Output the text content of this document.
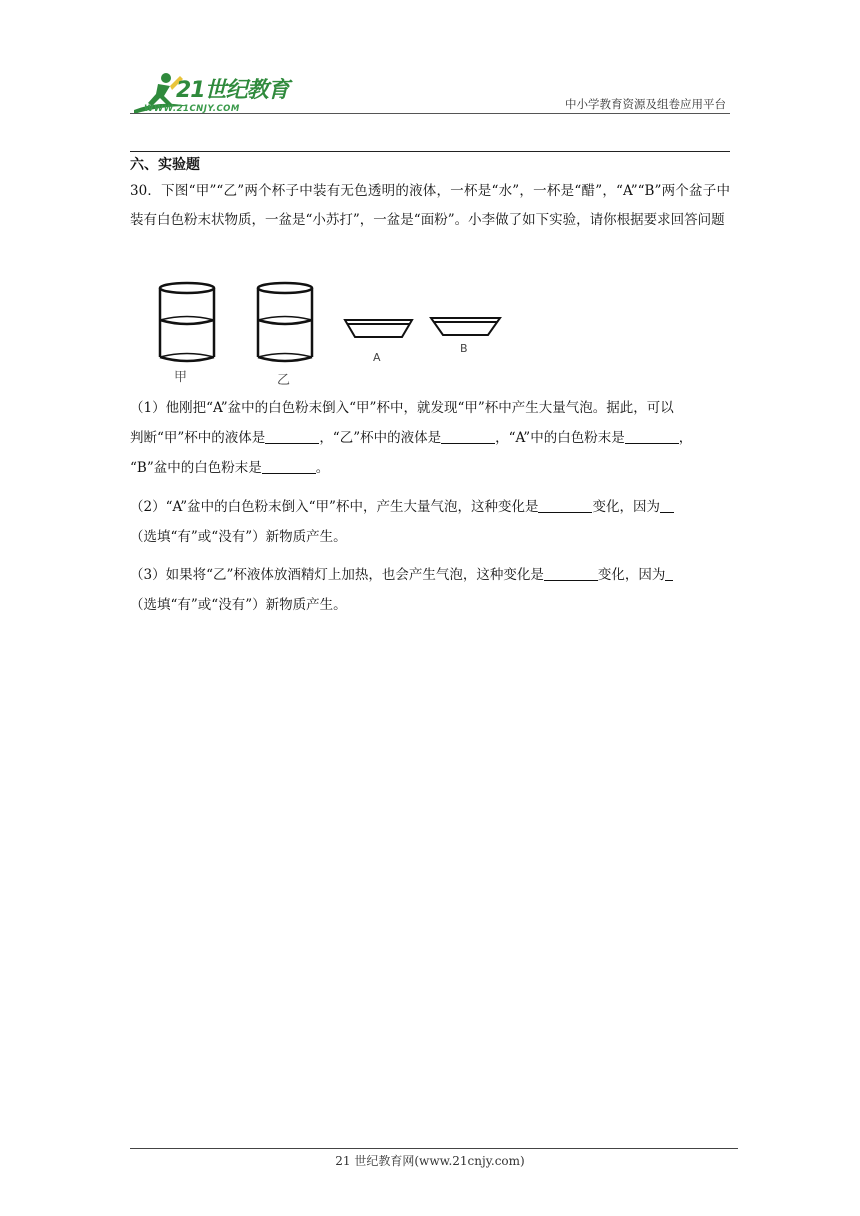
21世纪教育
WWW.21CNJY.COM	中小学教育资源及组卷应用平台
六、实验题
30．下图“甲”“乙”两个杯子中装有无色透明的液体，一杯是“水”，一杯是“醋”，“A”“B”两个盆子中装有白色粉末状物质，一盆是“小苏打”，一盆是“面粉”。小李做了如下实验，请你根据要求回答问题
甲	乙
A
B
（1）他刚把“A”盆中的白色粉末倒入“甲”杯中，就发现“甲”杯中产生大量气泡。据此，可以
判断“甲”杯中的液体是	，“乙”杯中的液体是	，“A”中的白色粉末是	，
“B”盆中的白色粉末是	。
（2）“A”盆中的白色粉末倒入“甲”杯中，产生大量气泡，这种变化是	变化，因为
（选填“有”或“没有”）新物质产生。
（3）如果将“乙”杯液体放酒精灯上加热，也会产生气泡，这种变化是	变化，因为
（选填“有”或“没有”）新物质产生。
21 世纪教育网(www.21cnjy.com)
